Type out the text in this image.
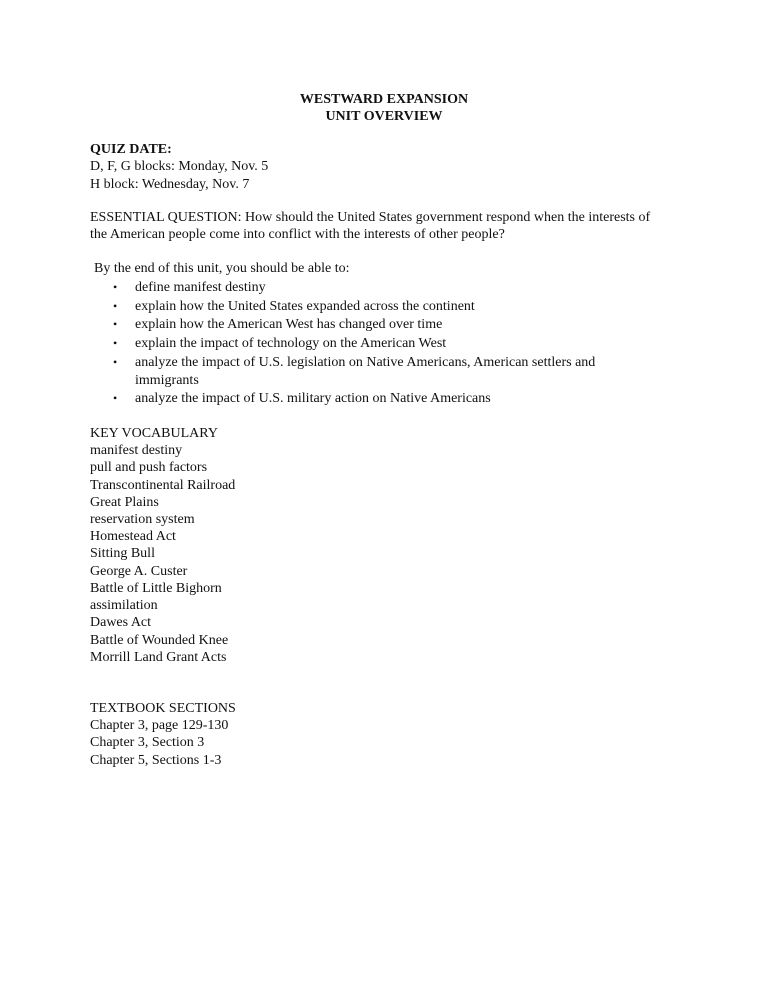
WESTWARD EXPANSION
UNIT OVERVIEW
QUIZ DATE:
D, F, G blocks: Monday, Nov. 5
H block: Wednesday, Nov. 7
ESSENTIAL QUESTION: How should the United States government respond when the interests of the American people come into conflict with the interests of other people?
By the end of this unit, you should be able to:
• define manifest destiny
• explain how the United States expanded across the continent
• explain how the American West has changed over time
• explain the impact of technology on the American West
• analyze the impact of U.S. legislation on Native Americans, American settlers and immigrants
• analyze the impact of U.S. military action on Native Americans
KEY VOCABULARY
manifest destiny
pull and push factors
Transcontinental Railroad
Great Plains
reservation system
Homestead Act
Sitting Bull
George A. Custer
Battle of Little Bighorn
assimilation
Dawes Act
Battle of Wounded Knee
Morrill Land Grant Acts
TEXTBOOK SECTIONS
Chapter 3, page 129-130
Chapter 3, Section 3
Chapter 5, Sections 1-3
